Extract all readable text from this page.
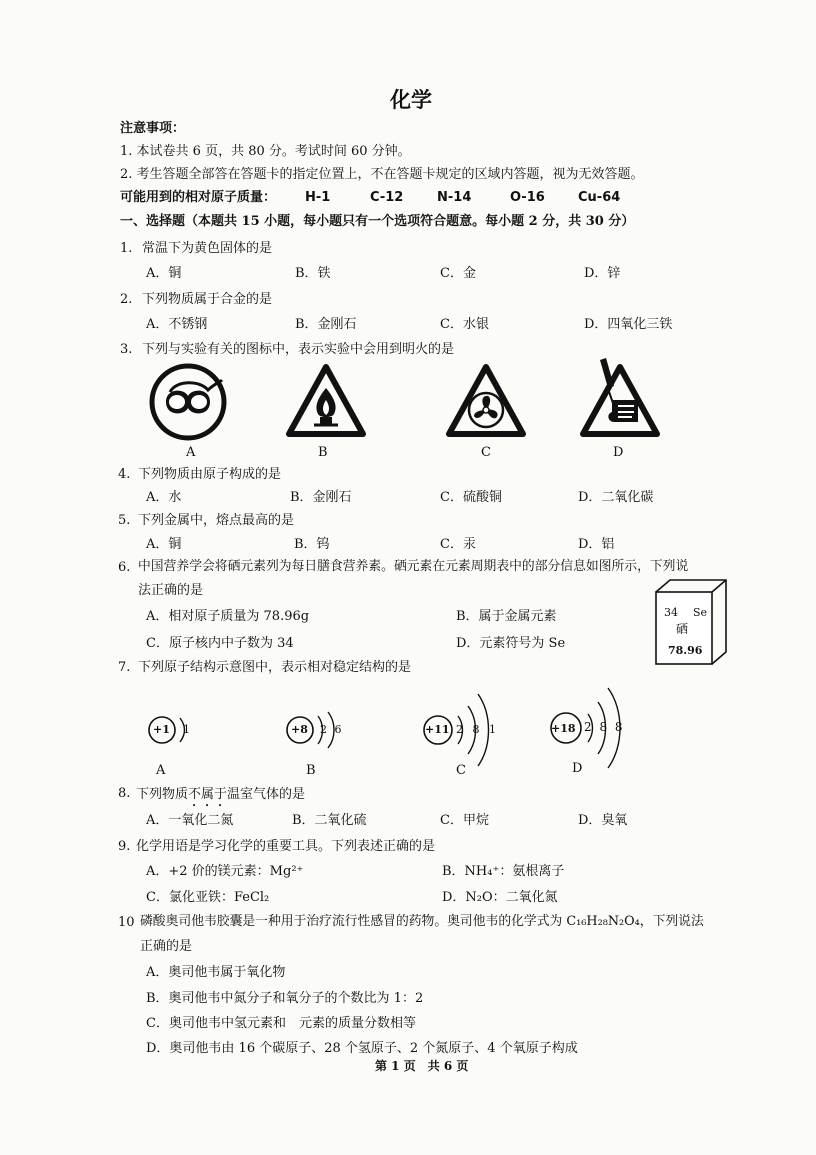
化学
注意事项：
1. 本试卷共 6 页，共 80 分。考试时间 60 分钟。
2. 考生答题全部答在答题卡的指定位置上，不在答题卡规定的区域内答题，视为无效答题。
可能用到的相对原子质量： H-1	C-12	N-14	O-16	Cu-64
一、选择题（本题共 15 小题，每小题只有一个选项符合题意。每小题 2 分，共 30 分）
1. 常温下为黄色固体的是
A．铜	B．铁	C．金	D．锌
2. 下列物质属于合金的是
A．不锈钢	B．金刚石	C．水银	D．四氧化三铁
3. 下列与实验有关的图标中，表示实验中会用到明火的是
A	B	C	D
4. 下列物质由原子构成的是
A．水	B．金刚石	C．硫酸铜	D．二氧化碳
5. 下列金属中，熔点最高的是
A．铜	B．钨	C．汞	D．铝
6. 中国营养学会将硒元素列为每日膳食营养素。硒元素在元素周期表中的部分信息如图所示，下列说
法正确的是
A．相对原子质量为 78.96g	B．属于金属元素
C．原子核内中子数为 34	D．元素符号为 Se
34 Se
硒
78.96
7. 下列原子结构示意图中，表示相对稳定结构的是
+1 1
A
+8 2 6
B
+11 2 8 1
C
+18 2 8 8
D
8. 下列物质不属于温室气体的是
A．一氧化二氮	B．二氧化硫	C．甲烷	D．臭氧
9. 化学用语是学习化学的重要工具。下列表述正确的是
A．+2 价的镁元素：Mg²⁺	B．NH₄⁺：氨根离子
C．氯化亚铁：FeCl₂	D．N₂O：二氧化氮
10 磷酸奥司他韦胶囊是一种用于治疗流行性感冒的药物。奥司他韦的化学式为 C₁₆H₂₈N₂O₄，下列说法
正确的是
A．奥司他韦属于氧化物
B．奥司他韦中氮分子和氧分子的个数比为 1：2
C．奥司他韦中氢元素和　元素的质量分数相等
D．奥司他韦由 16 个碳原子、28 个氢原子、2 个氮原子、4 个氧原子构成
第 1 页　共 6 页
